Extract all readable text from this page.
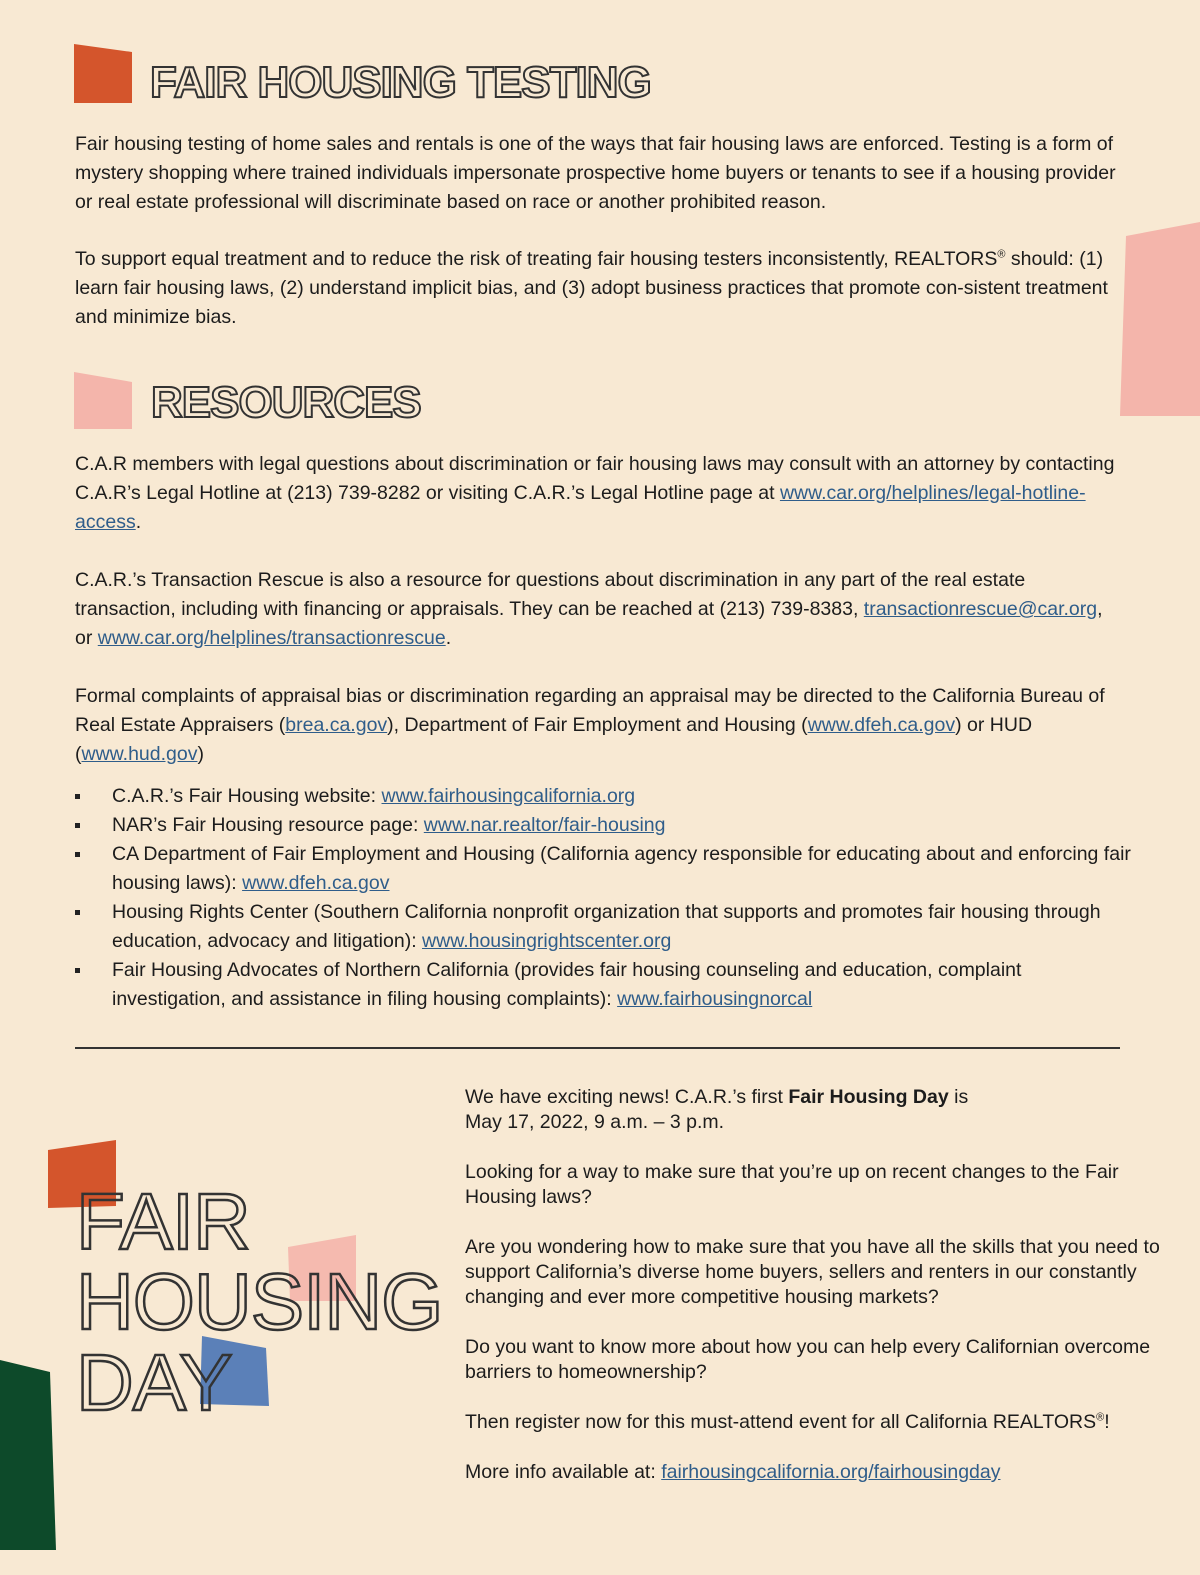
FAIR HOUSING TESTING

Fair housing testing of home sales and rentals is one of the ways that fair housing laws are enforced. Testing is a form of mystery shopping where trained individuals impersonate prospective home buyers or tenants to see if a housing provider or real estate professional will discriminate based on race or another prohibited reason.

To support equal treatment and to reduce the risk of treating fair housing testers inconsistently, REALTORS® should: (1) learn fair housing laws, (2) understand implicit bias, and (3) adopt business practices that promote con-sistent treatment and minimize bias.

RESOURCES

C.A.R members with legal questions about discrimination or fair housing laws may consult with an attorney by contacting C.A.R’s Legal Hotline at (213) 739-8282 or visiting C.A.R.’s Legal Hotline page at www.car.org/helplines/legal-hotline-access.

C.A.R.’s Transaction Rescue is also a resource for questions about discrimination in any part of the real estate transaction, including with financing or appraisals. They can be reached at (213) 739-8383, transactionrescue@car.org, or www.car.org/helplines/transactionrescue.

Formal complaints of appraisal bias or discrimination regarding an appraisal may be directed to the California Bureau of Real Estate Appraisers (brea.ca.gov), Department of Fair Employment and Housing (www.dfeh.ca.gov) or HUD (www.hud.gov)

C.A.R.’s Fair Housing website: www.fairhousingcalifornia.org
NAR’s Fair Housing resource page: www.nar.realtor/fair-housing
CA Department of Fair Employment and Housing (California agency responsible for educating about and enforcing fair housing laws): www.dfeh.ca.gov
Housing Rights Center (Southern California nonprofit organization that supports and promotes fair housing through education, advocacy and litigation): www.housingrightscenter.org
Fair Housing Advocates of Northern California (provides fair housing counseling and education, complaint investigation, and assistance in filing housing complaints): www.fairhousingnorcal
FAIR
HOUSING
DAY

We have exciting news! C.A.R.’s first Fair Housing Day is
May 17, 2022, 9 a.m. – 3 p.m.

Looking for a way to make sure that you’re up on recent changes to the Fair Housing laws?

Are you wondering how to make sure that you have all the skills that you need to support California’s diverse home buyers, sellers and renters in our constantly changing and ever more competitive housing markets?

Do you want to know more about how you can help every Californian overcome barriers to homeownership?

Then register now for this must-attend event for all California REALTORS®!

More info available at: fairhousingcalifornia.org/fairhousingday
